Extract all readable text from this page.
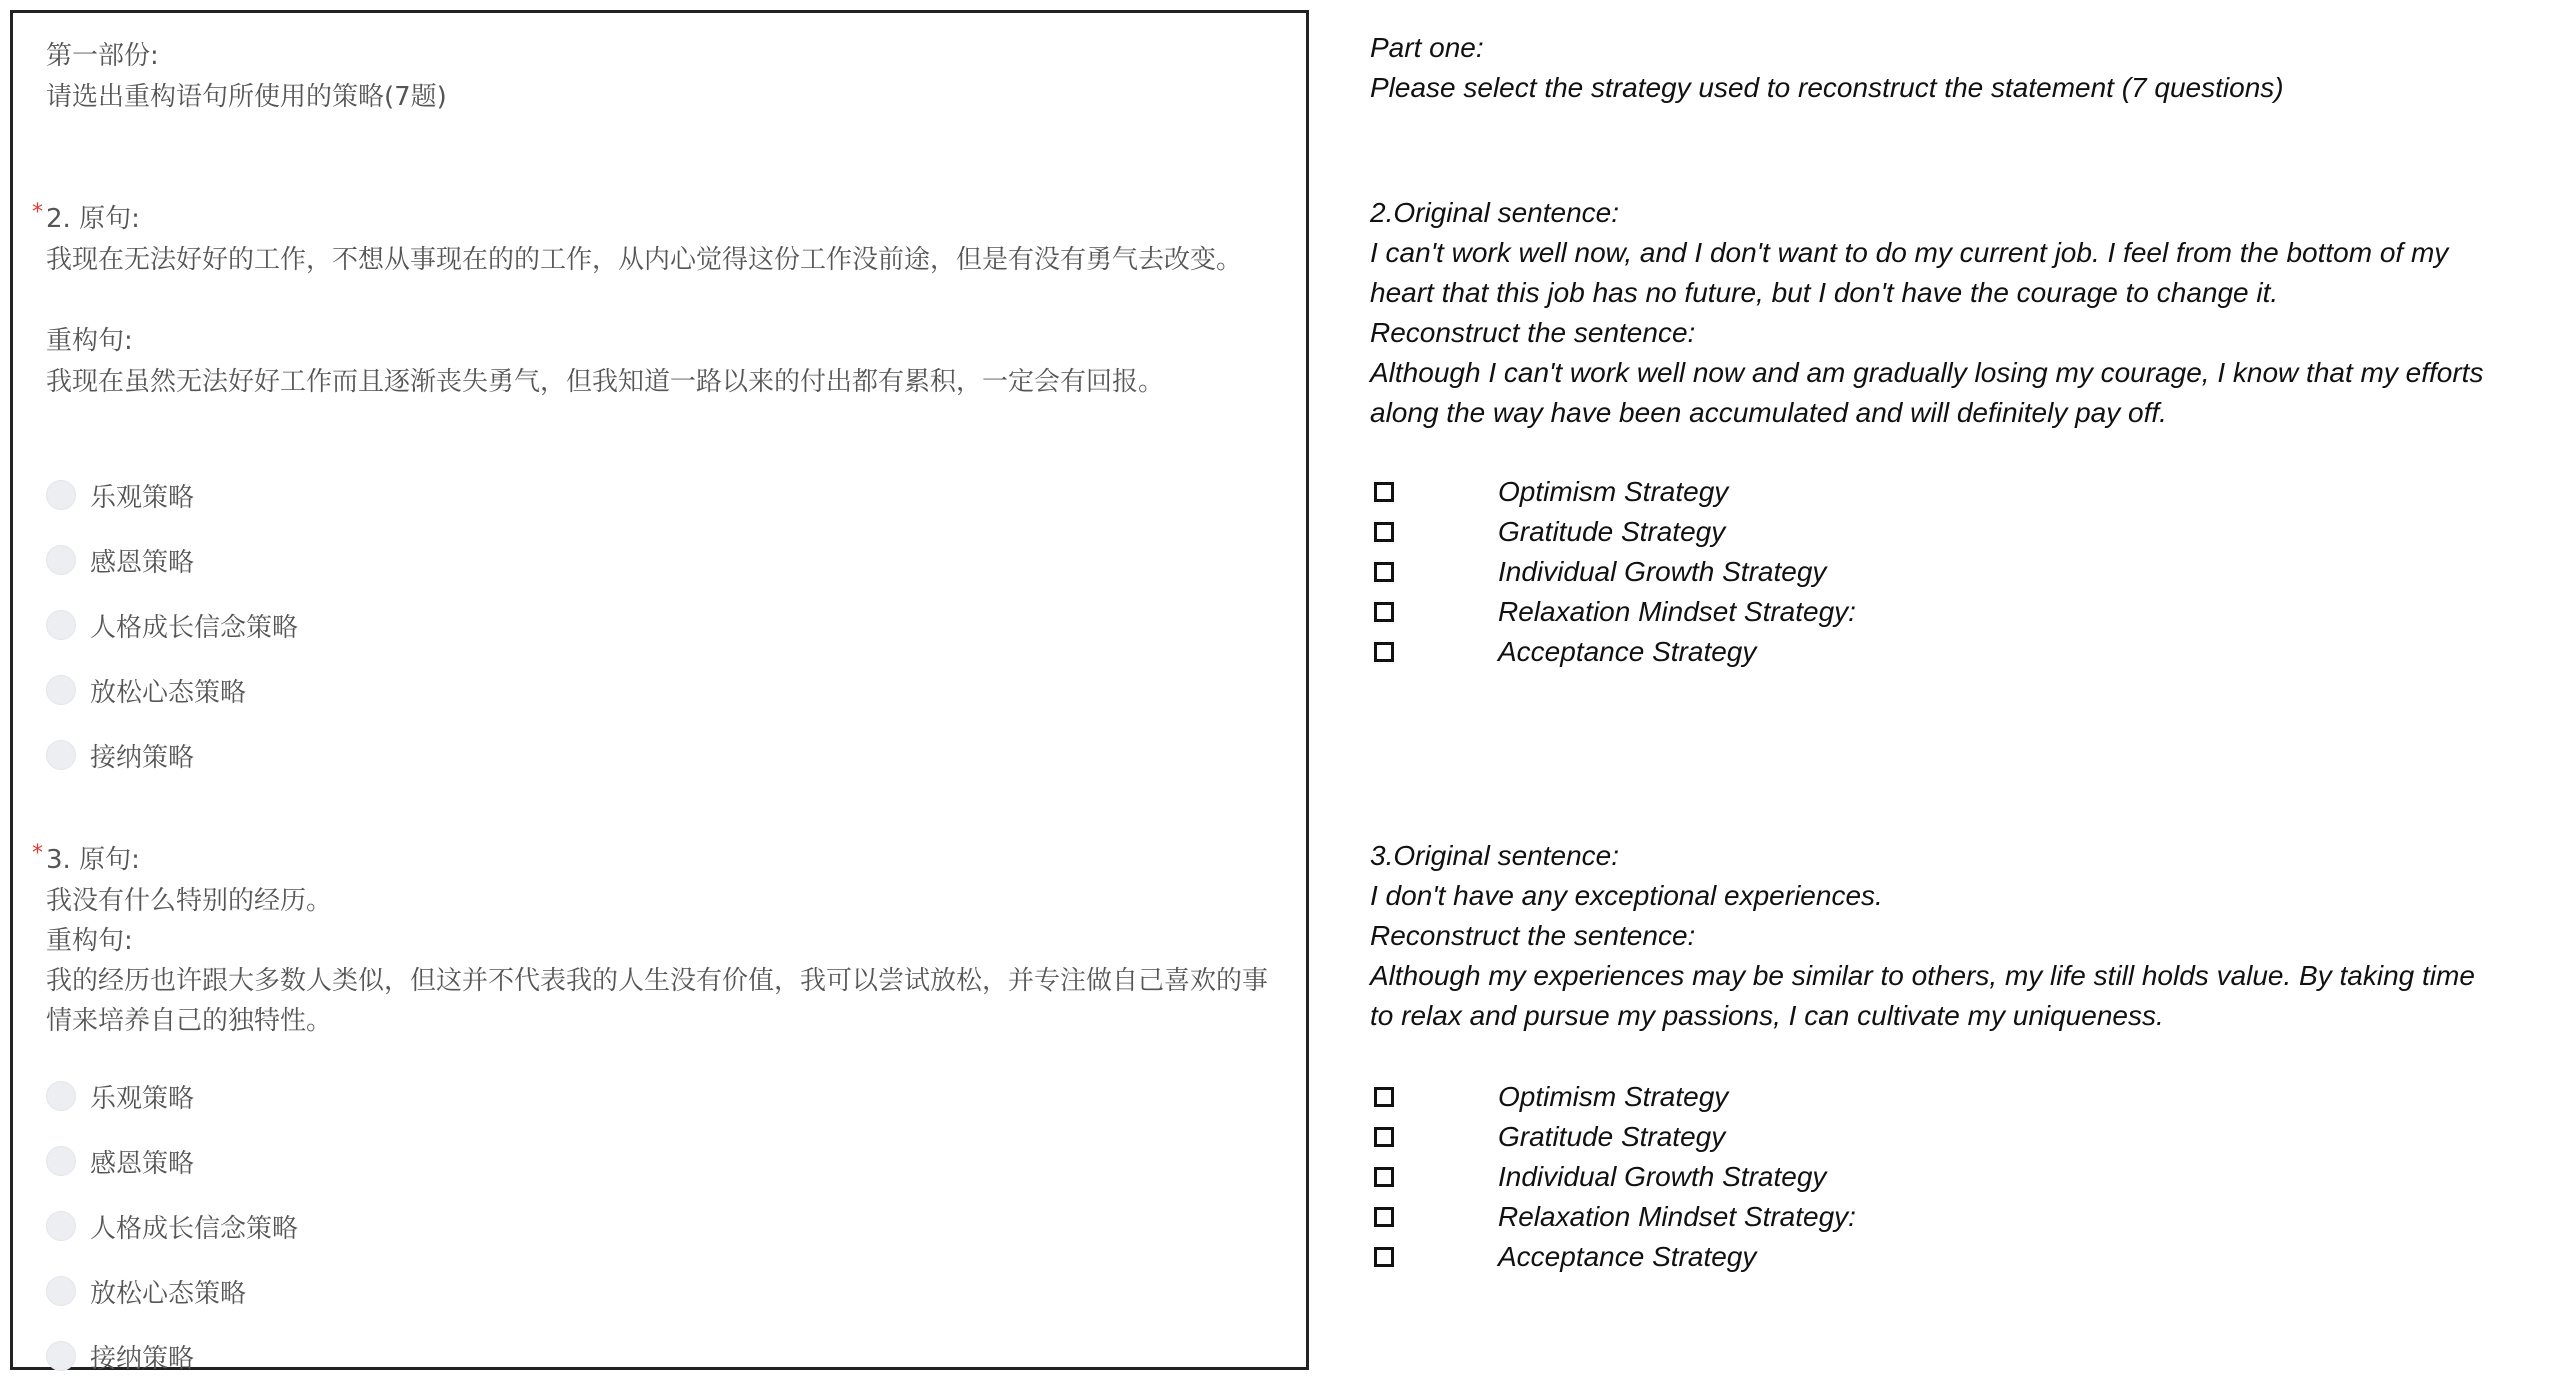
第一部份:
请选出重构语句所使用的策略(7题)
* 2. 原句:
我现在无法好好的工作，不想从事现在的的工作，从内心觉得这份工作没前途，但是有没有勇气去改变。
重构句:
我现在虽然无法好好工作而且逐渐丧失勇气，但我知道一路以来的付出都有累积，一定会有回报。
乐观策略
感恩策略
人格成长信念策略
放松心态策略
接纳策略
* 3. 原句:
我没有什么特别的经历。
重构句:
我的经历也许跟大多数人类似，但这并不代表我的人生没有价值，我可以尝试放松，并专注做自己喜欢的事情来培养自己的独特性。
乐观策略
感恩策略
人格成长信念策略
放松心态策略
接纳策略
Part one:
Please select the strategy used to reconstruct the statement (7 questions)
2.Original sentence:
I can't work well now, and I don't want to do my current job. I feel from the bottom of my
heart that this job has no future, but I don't have the courage to change it.
Reconstruct the sentence:
Although I can't work well now and am gradually losing my courage, I know that my efforts
along the way have been accumulated and will definitely pay off.
Optimism Strategy
Gratitude Strategy
Individual Growth Strategy
Relaxation Mindset Strategy:
Acceptance Strategy
3.Original sentence:
I don't have any exceptional experiences.
Reconstruct the sentence:
Although my experiences may be similar to others, my life still holds value. By taking time
to relax and pursue my passions, I can cultivate my uniqueness.
Optimism Strategy
Gratitude Strategy
Individual Growth Strategy
Relaxation Mindset Strategy:
Acceptance Strategy
